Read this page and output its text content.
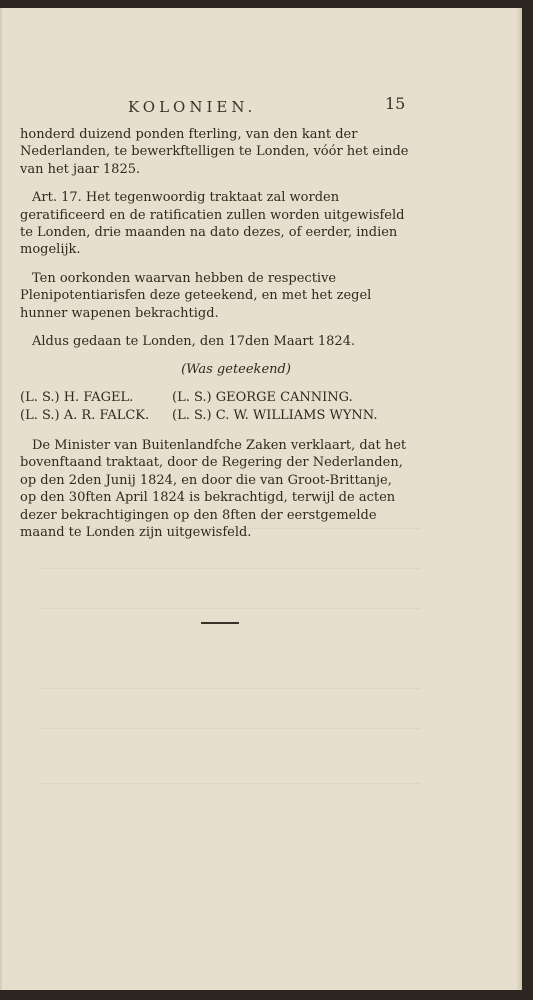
KOLONIEN.	15

honderd duizend ponden fterling, van den kant der Nederlanden, te bewerkftelligen te Londen, vóór het einde van het jaar 1825.

Art. 17. Het tegenwoordig traktaat zal worden geratificeerd en de ratificatien zullen worden uitgewisfeld te Londen, drie maanden na dato dezes, of eerder, indien mogelijk.

Ten oorkonden waarvan hebben de respective Plenipotentiarisfen deze geteekend, en met het zegel hunner wapenen bekrachtigd.

Aldus gedaan te Londen, den 17den Maart 1824.

(Was geteekend)

(L. S.) H. FAGEL.	(L. S.) GEORGE CANNING.
(L. S.) A. R. FALCK.	(L. S.) C. W. WILLIAMS WYNN.

De Minister van Buitenlandfche Zaken verklaart, dat het bovenftaand traktaat, door de Regering der Nederlanden, op den 2den Junij 1824, en door die van Groot-Brittanje, op den 30ften April 1824 is bekrachtigd, terwijl de acten dezer bekrachtigingen op den 8ften der eerstgemelde maand te Londen zijn uitgewisfeld.
